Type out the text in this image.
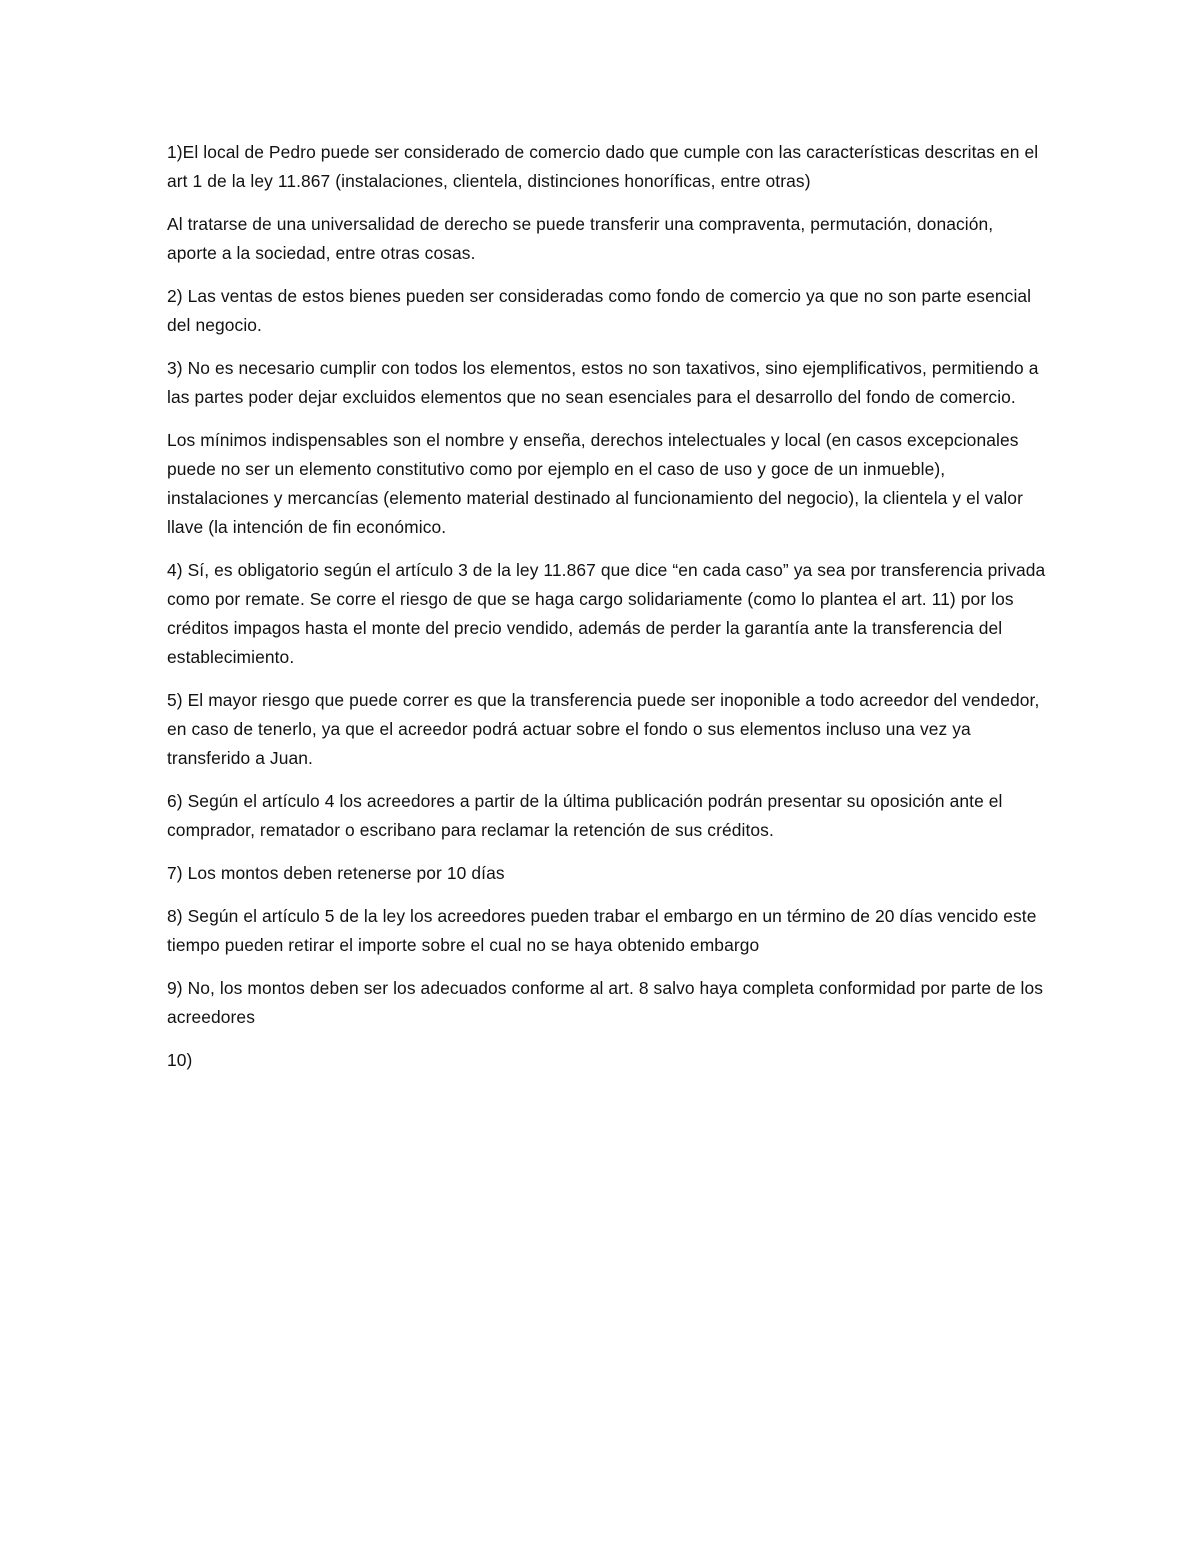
1)El local de Pedro puede ser considerado de comercio dado que cumple con las características descritas en el art 1 de la ley 11.867 (instalaciones, clientela, distinciones honoríficas, entre otras)

Al tratarse de una universalidad de derecho se puede transferir una compraventa, permutación, donación, aporte a la sociedad, entre otras cosas.

2) Las ventas de estos bienes pueden ser consideradas como fondo de comercio ya que no son parte esencial del negocio.

3) No es necesario cumplir con todos los elementos, estos no son taxativos, sino ejemplificativos, permitiendo a las partes poder dejar excluidos elementos que no sean esenciales para el desarrollo del fondo de comercio.

Los mínimos indispensables son el nombre y enseña, derechos intelectuales y local (en casos excepcionales puede no ser un elemento constitutivo como por ejemplo en el caso de uso y goce de un inmueble), instalaciones y mercancías (elemento material destinado al funcionamiento del negocio), la clientela y el valor llave (la intención de fin económico.

4) Sí, es obligatorio según el artículo 3 de la ley 11.867 que dice “en cada caso” ya sea por transferencia privada como por remate. Se corre el riesgo de que se haga cargo solidariamente (como lo plantea el art. 11) por los créditos impagos hasta el monte del precio vendido, además de perder la garantía ante la transferencia del establecimiento.

5) El mayor riesgo que puede correr es que la transferencia puede ser inoponible a todo acreedor del vendedor, en caso de tenerlo, ya que el acreedor podrá actuar sobre el fondo o sus elementos incluso una vez ya transferido a Juan.

6) Según el artículo 4 los acreedores a partir de la última publicación podrán presentar su oposición ante el comprador, rematador o escribano para reclamar la retención de sus créditos.

7) Los montos deben retenerse por 10 días

8) Según el artículo 5 de la ley los acreedores pueden trabar el embargo en un término de 20 días vencido este tiempo pueden retirar el importe sobre el cual no se haya obtenido embargo

9) No, los montos deben ser los adecuados conforme al art. 8 salvo haya completa conformidad por parte de los acreedores

10)
